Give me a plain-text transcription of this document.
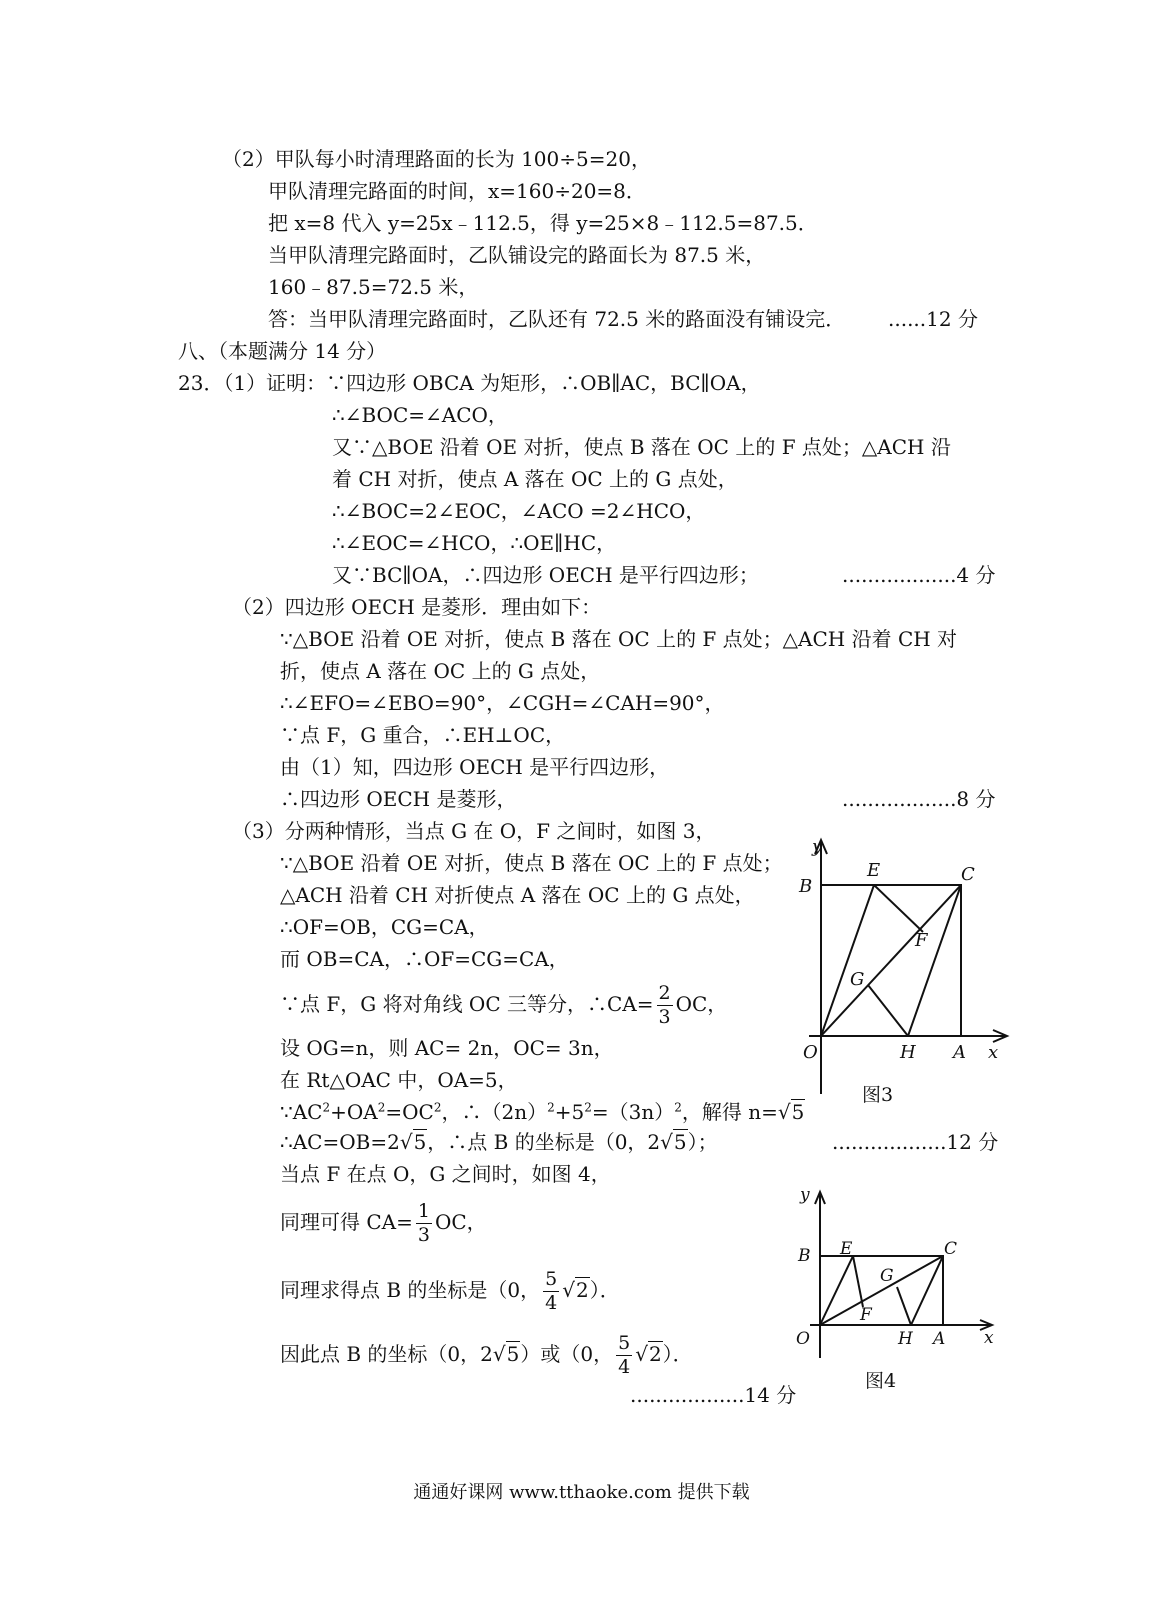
（2）甲队每小时清理路面的长为 100÷5=20，
甲队清理完路面的时间，x=160÷20=8．
把 x=8 代入 y=25x﹣112.5，得 y=25×8﹣112.5=87.5．
当甲队清理完路面时，乙队铺设完的路面长为 87.5 米，
160﹣87.5=72.5 米，
答：当甲队清理完路面时，乙队还有 72.5 米的路面没有铺设完． ......12 分
八、（本题满分 14 分）
23．（1）证明：∵四边形 OBCA 为矩形，∴OB∥AC，BC∥OA，
∴∠BOC=∠ACO，
又∵△BOE 沿着 OE 对折，使点 B 落在 OC 上的 F 点处；△ACH 沿
着 CH 对折，使点 A 落在 OC 上的 G 点处，
∴∠BOC=2∠EOC，∠ACO =2∠HCO，
∴∠EOC=∠HCO，∴OE∥HC，
又∵BC∥OA，∴四边形 OECH 是平行四边形；	..................4 分
（2）四边形 OECH 是菱形．理由如下：
∵△BOE 沿着 OE 对折，使点 B 落在 OC 上的 F 点处；△ACH 沿着 CH 对
折，使点 A 落在 OC 上的 G 点处，
∴∠EFO=∠EBO=90°，∠CGH=∠CAH=90°，
∵点 F，G 重合，∴EH⊥OC，
由（1）知，四边形 OECH 是平行四边形，
∴四边形 OECH 是菱形，	..................8 分
（3）分两种情形，当点 G 在 O，F 之间时，如图 3，
∵△BOE 沿着 OE 对折，使点 B 落在 OC 上的 F 点处；
△ACH 沿着 CH 对折使点 A 落在 OC 上的 G 点处，
∴OF=OB，CG=CA，
而 OB=CA，∴OF=CG=CA，
∵点 F，G 将对角线 OC 三等分，∴CA= $\frac{2}{3}$ OC，
设 OG=n，则 AC= 2n，OC= 3n，
在 Rt△OAC 中，OA=5，
$\because AC^2+OA^2=OC^2$，$\therefore(2n)^2+5^2=(3n)^2$，解得 n=√5
∴AC=OB=2√5，∴点 B 的坐标是（0，2√5）；	..................12 分
当点 F 在点 O，G 之间时，如图 4，
同理可得 $CA= \frac{1}{3}$ OC，
同理求得点 B 的坐标是（0， $\frac{5}{4} √2$）．
因此点 B 的坐标（0，2√5）或（0， $\frac{5}{4} √2$）．
..................14 分
y
x
O	A
B
C
E
F
G
H
图3
y
x
O	A
B	C
E
F
G
H
图4
通通好课网 www.tthaoke.com 提供下载
